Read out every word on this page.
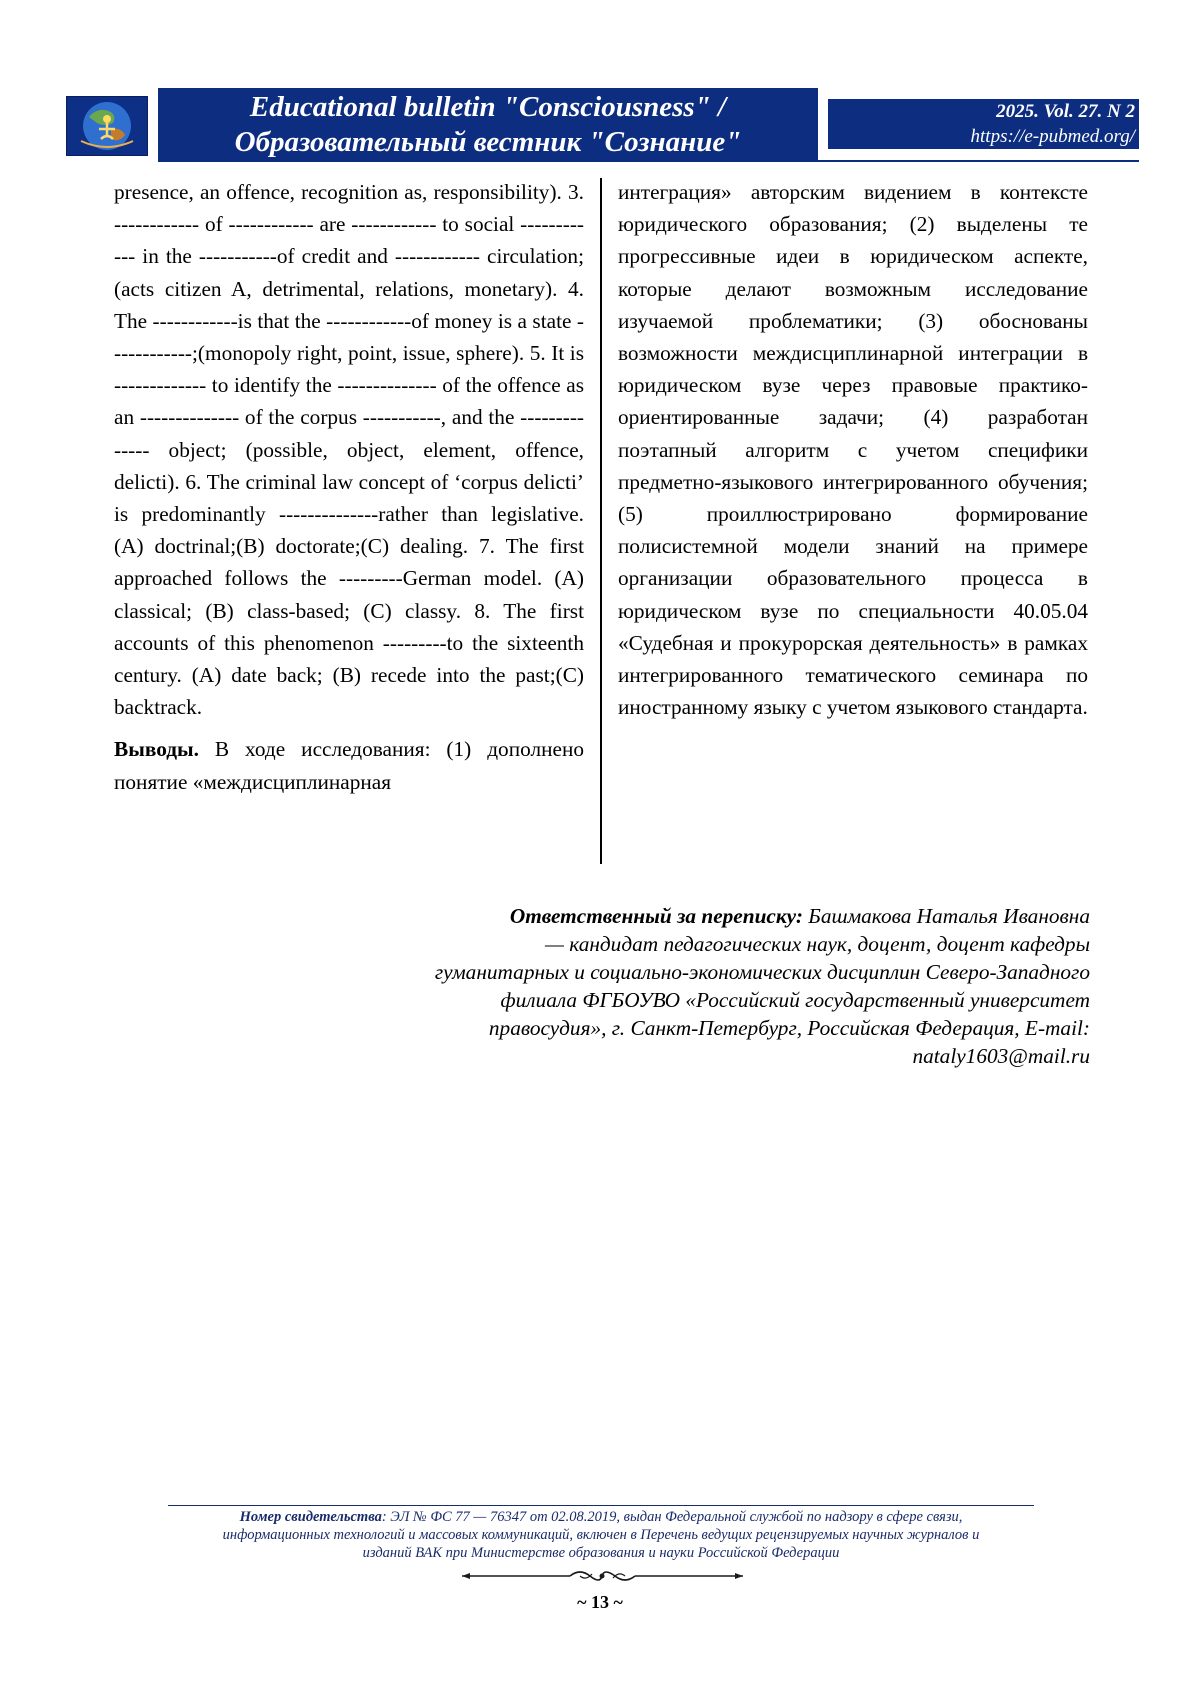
Educational bulletin "Consciousness" /
Образовательный вестник "Сознание"
2025. Vol. 27. N 2
https://e-pubmed.org/

presence, an offence, recognition as, responsibility). 3. ------------ of ------------ are ------------ to social ------------ in the -----------of credit and ------------ circulation; (acts citizen A, detrimental, relations, monetary). 4. The ------------is that the ------------of money is a state ------------;(monopoly right, point, issue, sphere). 5. It is ------------- to identify the -------------- of the offence as an -------------- of the corpus -----------, and the -------------- object; (possible, object, element, offence, delicti). 6. The criminal law concept of ‘corpus delicti’ is predominantly --------------rather than legislative. (A) doctrinal;(B) doctorate;(C) dealing. 7. The first approached follows the ---------German model. (A) classical; (B) class-based; (C) classy. 8. The first accounts of this phenomenon ---------to the sixteenth century. (A) date back; (B) recede into the past;(C) backtrack.

Выводы. В ходе исследования: (1) дополнено понятие «междисциплинарная

интеграция» авторским видением в контексте юридического образования; (2) выделены те прогрессивные идеи в юридическом аспекте, которые делают возможным исследование изучаемой проблематики; (3) обоснованы возможности междисциплинарной интеграции в юридическом вузе через правовые практико-ориентированные задачи; (4) разработан поэтапный алгоритм с учетом специфики предметно-языкового интегрированного обучения; (5) проиллюстрировано формирование полисистемной модели знаний на примере организации образовательного процесса в юридическом вузе по специальности 40.05.04 «Судебная и прокурорская деятельность» в рамках интегрированного тематического семинара по иностранному языку с учетом языкового стандарта.

Ответственный за переписку: Башмакова Наталья Ивановна
— кандидат педагогических наук, доцент, доцент кафедры
гуманитарных и социально-экономических дисциплин Северо-Западного
филиала ФГБОУВО «Российский государственный университет
правосудия», г. Санкт-Петербург, Российская Федерация, E-mail:
nataly1603@mail.ru
Номер свидетельства: ЭЛ № ФС 77 — 76347 от 02.08.2019, выдан Федеральной службой по надзору в сфере связи,
информационных технологий и массовых коммуникаций, включен в Перечень ведущих рецензируемых научных журналов и
изданий ВАК при Министерстве образования и науки Российской Федерации
~ 13 ~
